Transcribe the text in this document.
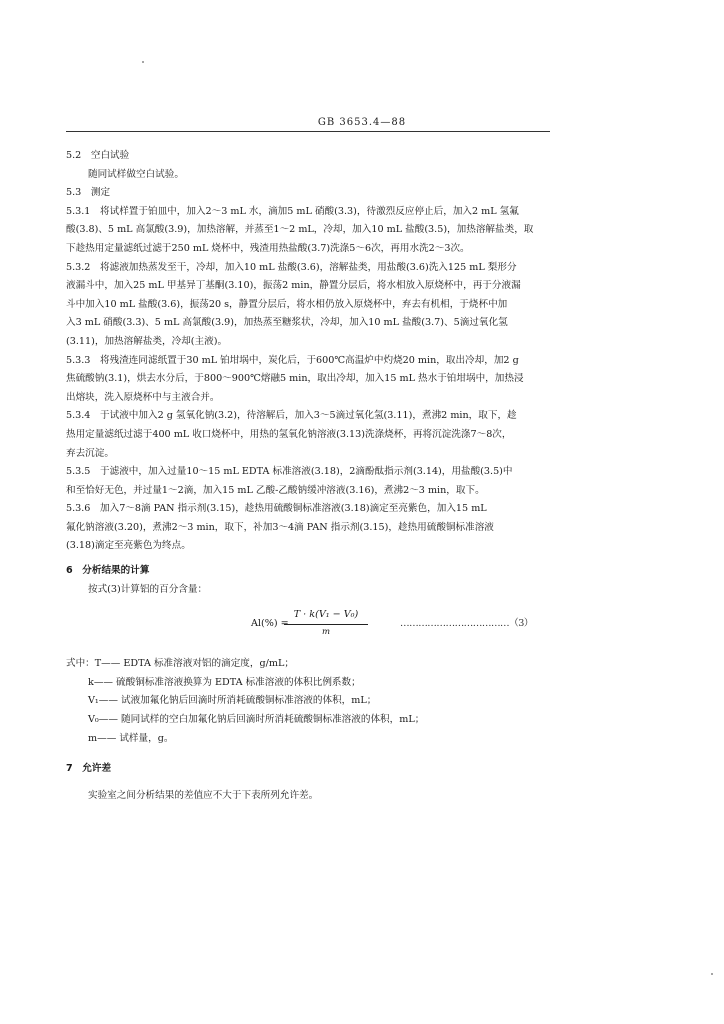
GB 3653.4—88
5.2　空白试验
随同试样做空白试验。
5.3　测定
5.3.1　将试样置于铂皿中，加入2～3 mL 水，滴加5 mL 硝酸(3.3)，待激烈反应停止后，加入2 mL 氢氟
酸(3.8)、5 mL 高氯酸(3.9)，加热溶解，并蒸至1～2 mL，冷却，加入10 mL 盐酸(3.5)，加热溶解盐类，取
下趁热用定量滤纸过滤于250 mL 烧杯中，残渣用热盐酸(3.7)洗涤5～6次，再用水洗2～3次。
5.3.2　将滤液加热蒸发至干，冷却，加入10 mL 盐酸(3.6)，溶解盐类，用盐酸(3.6)洗入125 mL 梨形分
液漏斗中，加入25 mL 甲基异丁基酮(3.10)，振荡2 min，静置分层后，将水相放入原烧杯中，再于分液漏
斗中加入10 mL 盐酸(3.6)，振荡20 s，静置分层后，将水相仍放入原烧杯中，弃去有机相，于烧杯中加
入3 mL 硝酸(3.3)、5 mL 高氯酸(3.9)，加热蒸至糖浆状，冷却，加入10 mL 盐酸(3.7)、5滴过氧化氢
(3.11)，加热溶解盐类，冷却(主液)。
5.3.3　将残渣连同滤纸置于30 mL 铂坩埚中，炭化后，于600℃高温炉中灼烧20 min，取出冷却，加2 g
焦硫酸钠(3.1)，烘去水分后，于800～900℃熔融5 min，取出冷却，加入15 mL 热水于铂坩埚中，加热浸
出熔块，洗入原烧杯中与主液合并。
5.3.4　于试液中加入2 g 氢氧化钠(3.2)，待溶解后，加入3～5滴过氧化氢(3.11)，煮沸2 min，取下，趁
热用定量滤纸过滤于400 mL 收口烧杯中，用热的氢氧化钠溶液(3.13)洗涤烧杯，再将沉淀洗涤7～8次，
弃去沉淀。
5.3.5　于滤液中，加入过量10～15 mL EDTA 标准溶液(3.18)，2滴酚酞指示剂(3.14)，用盐酸(3.5)中
和至恰好无色，并过量1～2滴，加入15 mL 乙酸-乙酸钠缓冲溶液(3.16)，煮沸2～3 min，取下。
5.3.6　加入7～8滴 PAN 指示剂(3.15)，趁热用硫酸铜标准溶液(3.18)滴定至亮紫色，加入15 mL
氟化钠溶液(3.20)，煮沸2～3 min，取下，补加3～4滴 PAN 指示剂(3.15)，趁热用硫酸铜标准溶液
(3.18)滴定至亮紫色为终点。
6　分析结果的计算
按式(3)计算铝的百分含量：
Al(%) =
$\frac{\text{T · k(V₁ − V₀)}}{m}$	………………………………（3）
式中：T—— EDTA 标准溶液对铝的滴定度，g/mL；
k—— 硫酸铜标准溶液换算为 EDTA 标准溶液的体积比例系数；
V₁—— 试液加氟化钠后回滴时所消耗硫酸铜标准溶液的体积，mL；
V₀—— 随同试样的空白加氟化钠后回滴时所消耗硫酸铜标准溶液的体积，mL；
m—— 试样量，g。
7　允许差
实验室之间分析结果的差值应不大于下表所列允许差。
